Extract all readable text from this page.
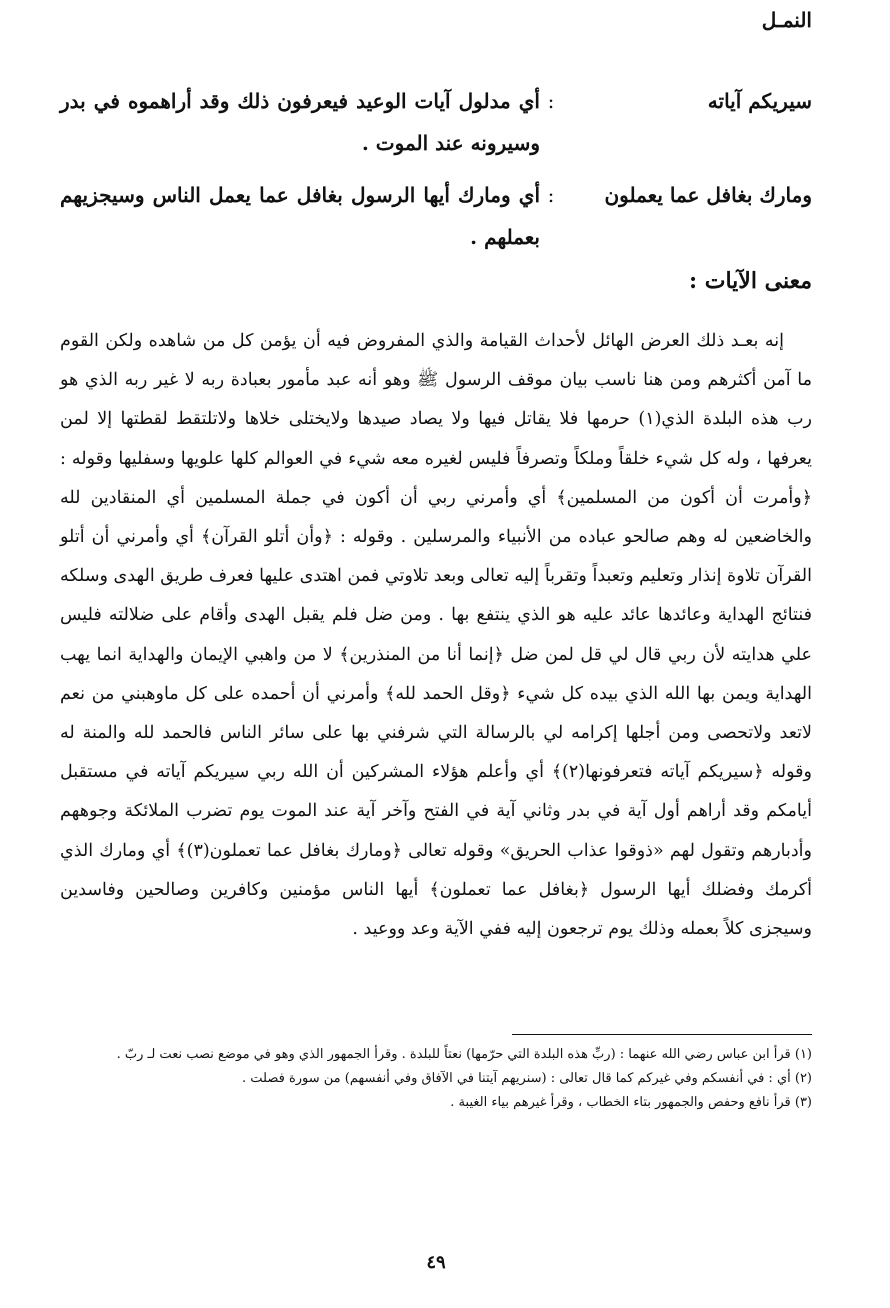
النمـل
سيريكم آياته
:
أي مدلول آيات الوعيد فيعرفون ذلك وقد أراهموه في بدر وسيرونه عند الموت .
ومارك بغافل عما يعملون
:
أي ومارك أيها الرسول بغافل عما يعمل الناس وسيجزيهم بعملهم .
معنى الآيات :

إنه بعـد ذلك العرض الهائل لأحداث القيامة والذي المفروض فيه أن يؤمن كل من شاهده ولكن القوم ما آمن أكثرهم ومن هنا ناسب بيان موقف الرسول ﷺ وهو أنه عبد مأمور بعبادة ربه لا غير ربه الذي هو رب هذه البلدة الذي(١) حرمها فلا يقاتل فيها ولا يصاد صيدها ولايختلى خلاها ولاتلتقط لقطتها إلا لمن يعرفها ، وله كل شيء خلقاً وملكاً وتصرفاً فليس لغيره معه شيء في العوالم كلها علويها وسفليها وقوله : ﴿وأمرت أن أكون من المسلمين﴾ أي وأمرني ربي أن أكون في جملة المسلمين أي المنقادين لله والخاضعين له وهم صالحو عباده من الأنبياء والمرسلين . وقوله : ﴿وأن أتلو القرآن﴾ أي وأمرني أن أتلو القرآن تلاوة إنذار وتعليم وتعبداً وتقرباً إليه تعالى وبعد تلاوتي فمن اهتدى عليها فعرف طريق الهدى وسلكه فنتائج الهداية وعائدها عائد عليه هو الذي ينتفع بها . ومن ضل فلم يقبل الهدى وأقام على ضلالته فليس علي هدايته لأن ربي قال لي قل لمن ضل ﴿إنما أنا من المنذرين﴾ لا من واهبي الإيمان والهداية انما يهب الهداية ويمن بها الله الذي بيده كل شيء ﴿وقل الحمد لله﴾ وأمرني أن أحمده على كل ماوهبني من نعم لاتعد ولاتحصى ومن أجلها إكرامه لي بالرسالة التي شرفني بها على سائر الناس فالحمد لله والمنة له وقوله ﴿سيريكم آياته فتعرفونها(٢)﴾ أي وأعلم هؤلاء المشركين أن الله ربي سيريكم آياته في مستقبل أيامكم وقد أراهم أول آية في بدر وثاني آية في الفتح وآخر آية عند الموت يوم تضرب الملائكة وجوههم وأدبارهم وتقول لهم «ذوقوا عذاب الحريق» وقوله تعالى ﴿ومارك بغافل عما تعملون(٣)﴾ أي ومارك الذي أكرمك وفضلك أيها الرسول ﴿بغافل عما تعملون﴾ أيها الناس مؤمنين وكافرين وصالحين وفاسدين وسيجزى كلاً بعمله وذلك يوم ترجعون إليه ففي الآية وعد ووعيد .

(١) قرأ ابن عباس رضي الله عنهما : (ربِّ هذه البلدة التي حرّمها) نعتاً للبلدة . وقرأ الجمهور الذي وهو في موضع نصب نعت لـ ربّ .

(٢) أي : في أنفسكم وفي غيركم كما قال تعالى : (سنريهم آيتنا في الآفاق وفي أنفسهم) من سورة فصلت .

(٣) قرأ نافع وحفص والجمهور بتاء الخطاب ، وقرأ غيرهم بياء الغيبة .

٤٩
